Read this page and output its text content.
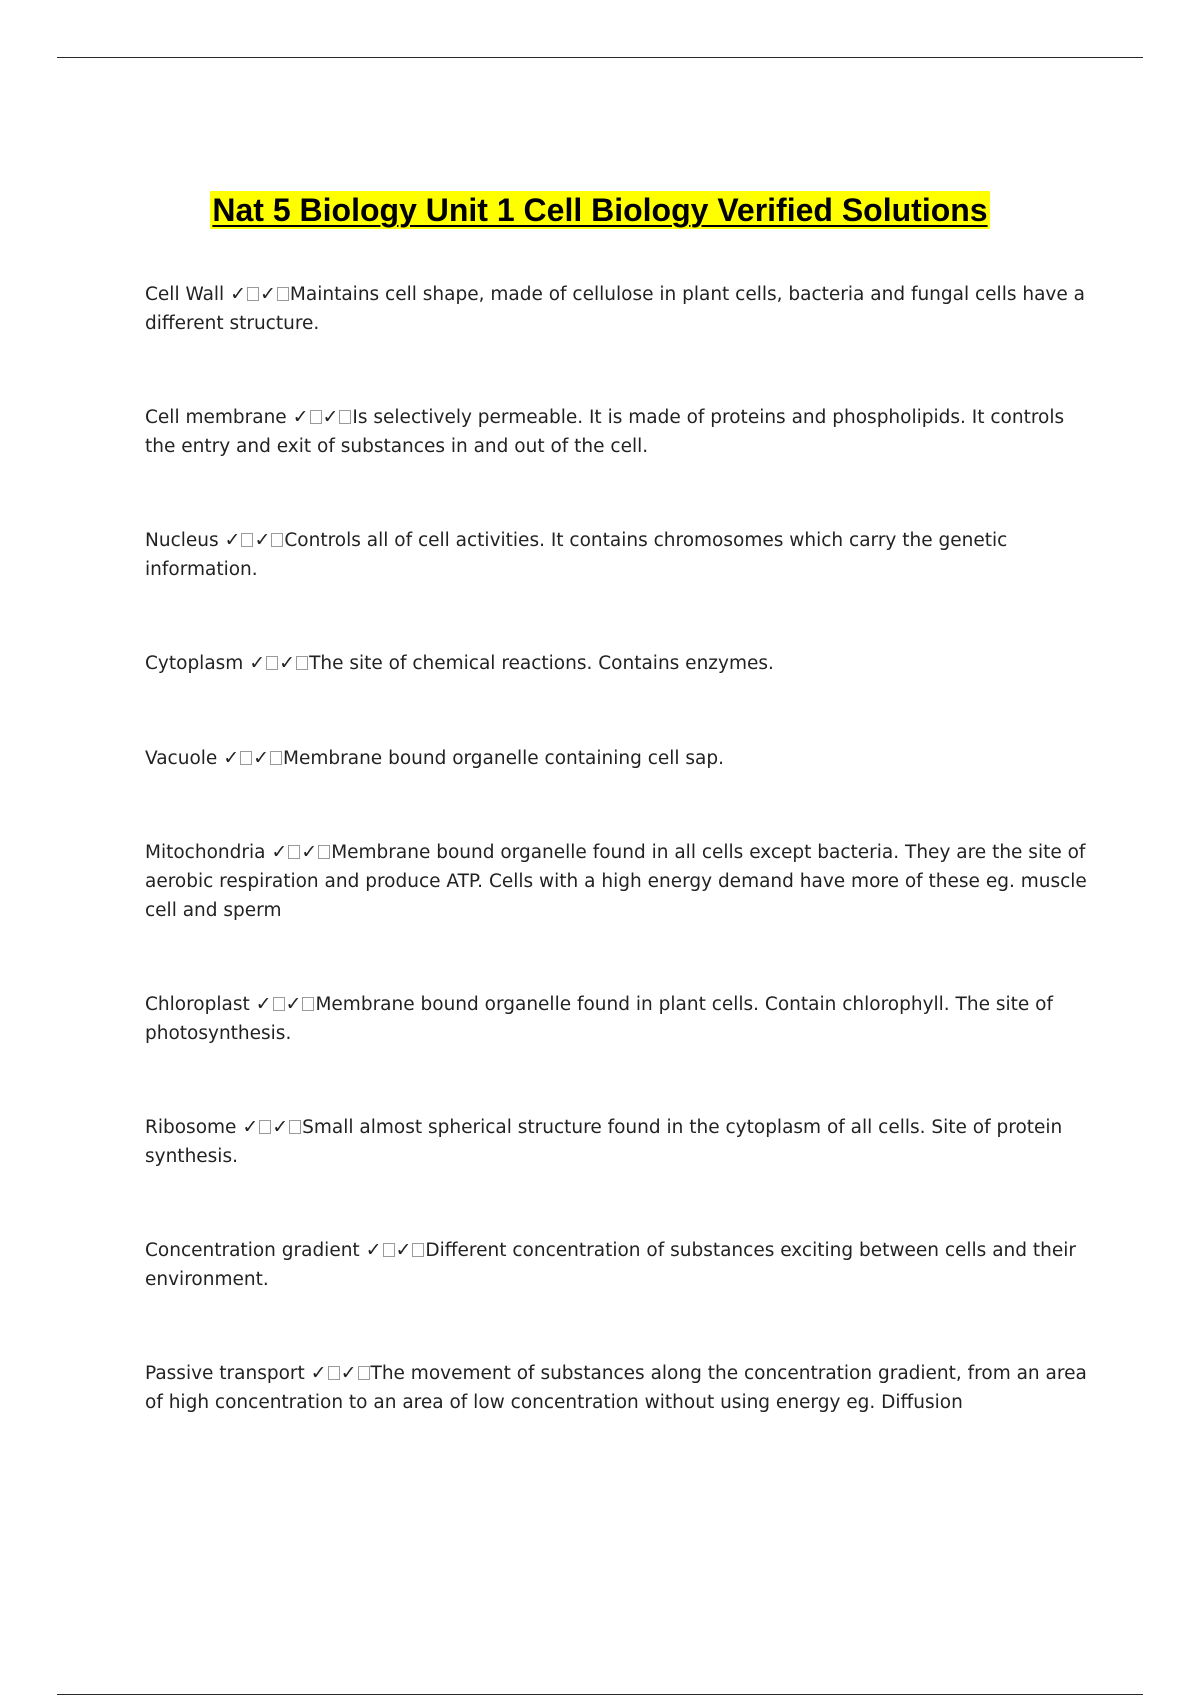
Nat 5 Biology Unit 1 Cell Biology Verified Solutions
Cell Wall ✓ ✓ Maintains cell shape, made of cellulose in plant cells, bacteria and fungal cells have a different structure.
Cell membrane ✓ ✓ Is selectively permeable. It is made of proteins and phospholipids. It controls the entry and exit of substances in and out of the cell.
Nucleus ✓ ✓ Controls all of cell activities. It contains chromosomes which carry the genetic information.
Cytoplasm ✓ ✓ The site of chemical reactions. Contains enzymes.
Vacuole ✓ ✓ Membrane bound organelle containing cell sap.
Mitochondria ✓ ✓ Membrane bound organelle found in all cells except bacteria. They are the site of aerobic respiration and produce ATP. Cells with a high energy demand have more of these eg. muscle cell and sperm
Chloroplast ✓ ✓ Membrane bound organelle found in plant cells. Contain chlorophyll. The site of photosynthesis.
Ribosome ✓ ✓ Small almost spherical structure found in the cytoplasm of all cells. Site of protein synthesis.
Concentration gradient ✓ ✓ Different concentration of substances exciting between cells and their environment.
Passive transport ✓ ✓ The movement of substances along the concentration gradient, from an area of high concentration to an area of low concentration without using energy eg. Diffusion
